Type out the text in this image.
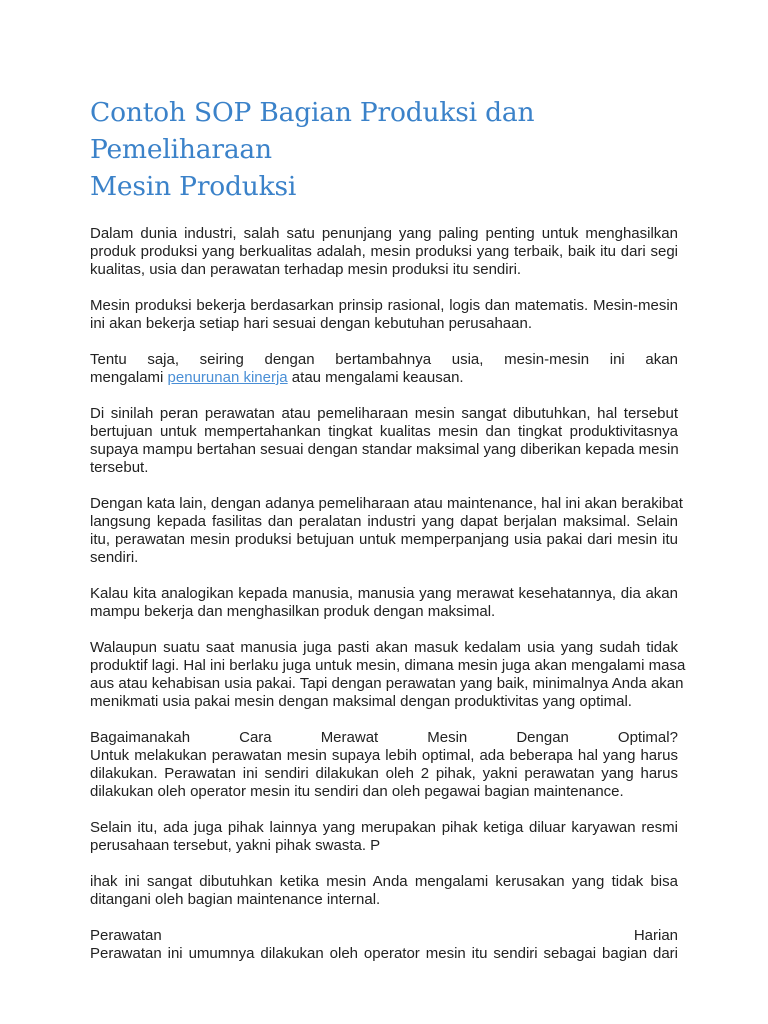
Contoh SOP Bagian Produksi dan Pemeliharaan
Mesin Produksi
Dalam dunia industri, salah satu penunjang yang paling penting untuk menghasilkan
produk produksi yang berkualitas adalah, mesin produksi yang terbaik, baik itu dari segi
kualitas, usia dan perawatan terhadap mesin produksi itu sendiri.
Mesin produksi bekerja berdasarkan prinsip rasional, logis dan matematis. Mesin-mesin
ini akan bekerja setiap hari sesuai dengan kebutuhan perusahaan.
Tentu saja, seiring dengan bertambahnya usia, mesin-mesin ini akan
mengalami penurunan kinerja atau mengalami keausan.
Di sinilah peran perawatan atau pemeliharaan mesin sangat dibutuhkan, hal tersebut
bertujuan untuk mempertahankan tingkat kualitas mesin dan tingkat produktivitasnya
supaya mampu bertahan sesuai dengan standar maksimal yang diberikan kepada mesin
tersebut.
Dengan kata lain, dengan adanya pemeliharaan atau maintenance, hal ini akan berakibat
langsung kepada fasilitas dan peralatan industri yang dapat berjalan maksimal. Selain
itu, perawatan mesin produksi betujuan untuk memperpanjang usia pakai dari mesin itu
sendiri.
Kalau kita analogikan kepada manusia, manusia yang merawat kesehatannya, dia akan
mampu bekerja dan menghasilkan produk dengan maksimal.
Walaupun suatu saat manusia juga pasti akan masuk kedalam usia yang sudah tidak
produktif lagi. Hal ini berlaku juga untuk mesin, dimana mesin juga akan mengalami masa
aus atau kehabisan usia pakai. Tapi dengan perawatan yang baik, minimalnya Anda akan
menikmati usia pakai mesin dengan maksimal dengan produktivitas yang optimal.
Bagaimanakah	Cara	Merawat	Mesin	Dengan	Optimal?
Untuk melakukan perawatan mesin supaya lebih optimal, ada beberapa hal yang harus
dilakukan. Perawatan ini sendiri dilakukan oleh 2 pihak, yakni perawatan yang harus
dilakukan oleh operator mesin itu sendiri dan oleh pegawai bagian maintenance.
Selain itu, ada juga pihak lainnya yang merupakan pihak ketiga diluar karyawan resmi
perusahaan tersebut, yakni pihak swasta. P
ihak ini sangat dibutuhkan ketika mesin Anda mengalami kerusakan yang tidak bisa
ditangani oleh bagian maintenance internal.
Perawatan	Harian
Perawatan ini umumnya dilakukan oleh operator mesin itu sendiri sebagai bagian dari
